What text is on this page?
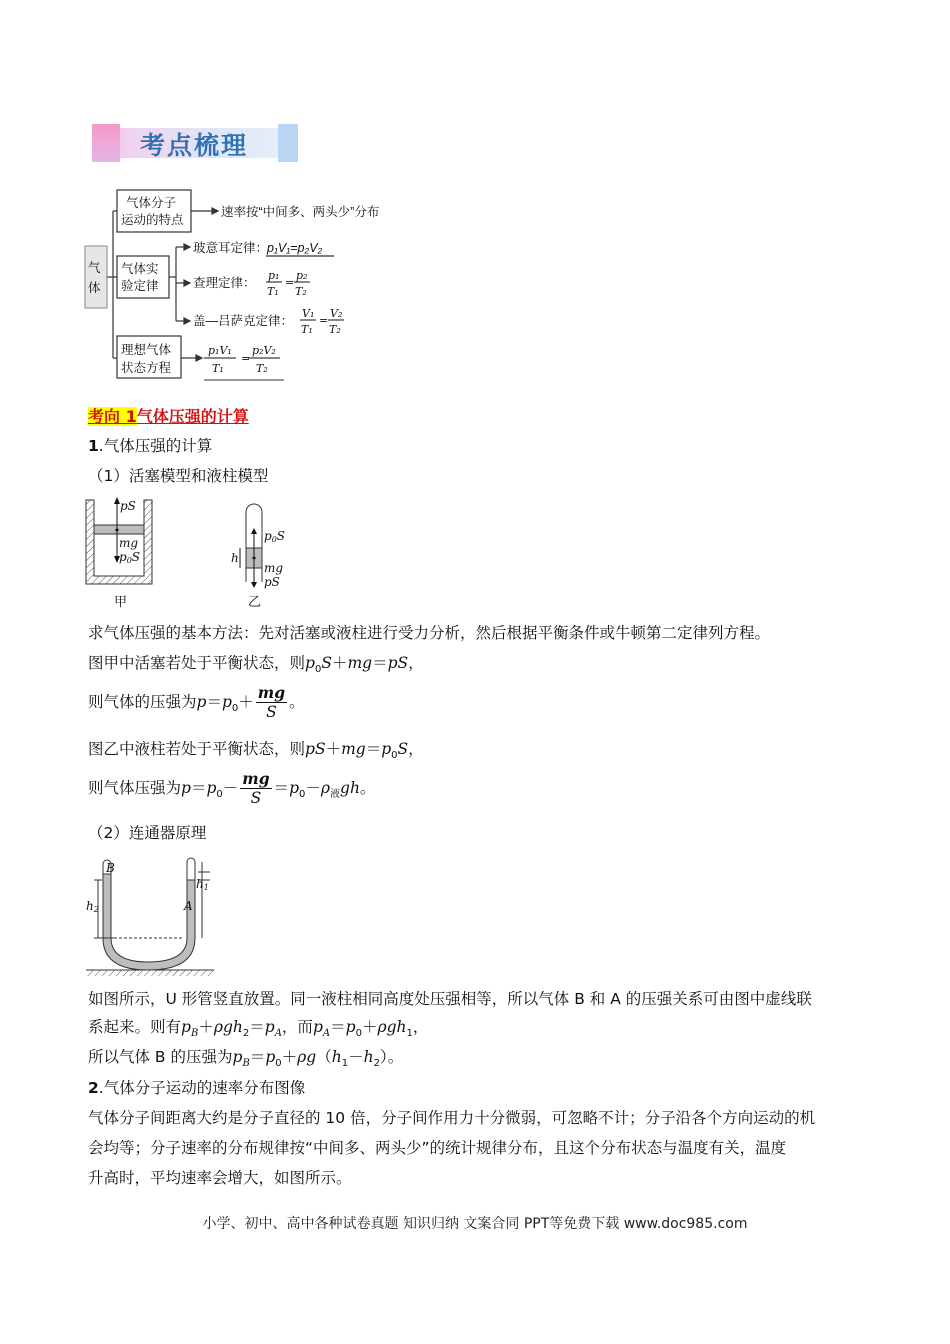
考点梳理
气
体
气体分子
运动的特点
速率按“中间多、两头少”分布
气体实
验定律
玻意耳定律：
p₁V₁=p₂V₂
查理定律：
盖—吕萨克定律：
理想气体
状态方程
p₁
T₁
=
p₂
T₂
V₁
T₁
=
V₂
T₂
p₁V₁
T₁
=
p₂V₂
T₂
考向 1气体压强的计算
1.气体压强的计算
（1）活塞模型和液柱模型
pS
mg
p0S	h
p0S
mg
pS
甲	乙
求气体压强的基本方法：先对活塞或液柱进行受力分析，然后根据平衡条件或牛顿第二定律列方程。
图甲中活塞若处于平衡状态，则$p_0S+mg=pS$，
则气体的压强为$p=p_0+ \frac{mg}{S}$ 。
图乙中液柱若处于平衡状态，则$pS+mg=p_0S$，
则气体压强为$p=p_0- \frac{mg}{S} =p_0-\rho_液gh$。
（2）连通器原理
B
A
h2
h1
如图所示，U 形管竖直放置。同一液柱相同高度处压强相等，所以气体 B 和 A 的压强关系可由图中虚线联
系起来。则有$p_B+\rho gh_2=p_A$，而$p_A=p_0+\rho gh_1$，
所以气体 B 的压强为$p_B=p_0+\rho g(h_1-h_2)$。
2.气体分子运动的速率分布图像
气体分子间距离大约是分子直径的 10 倍，分子间作用力十分微弱，可忽略不计；分子沿各个方向运动的机
会均等；分子速率的分布规律按“中间多、两头少”的统计规律分布，且这个分布状态与温度有关，温度
升高时，平均速率会增大，如图所示。
小学、初中、高中各种试卷真题 知识归纳 文案合同 PPT等免费下载 www.doc985.com
